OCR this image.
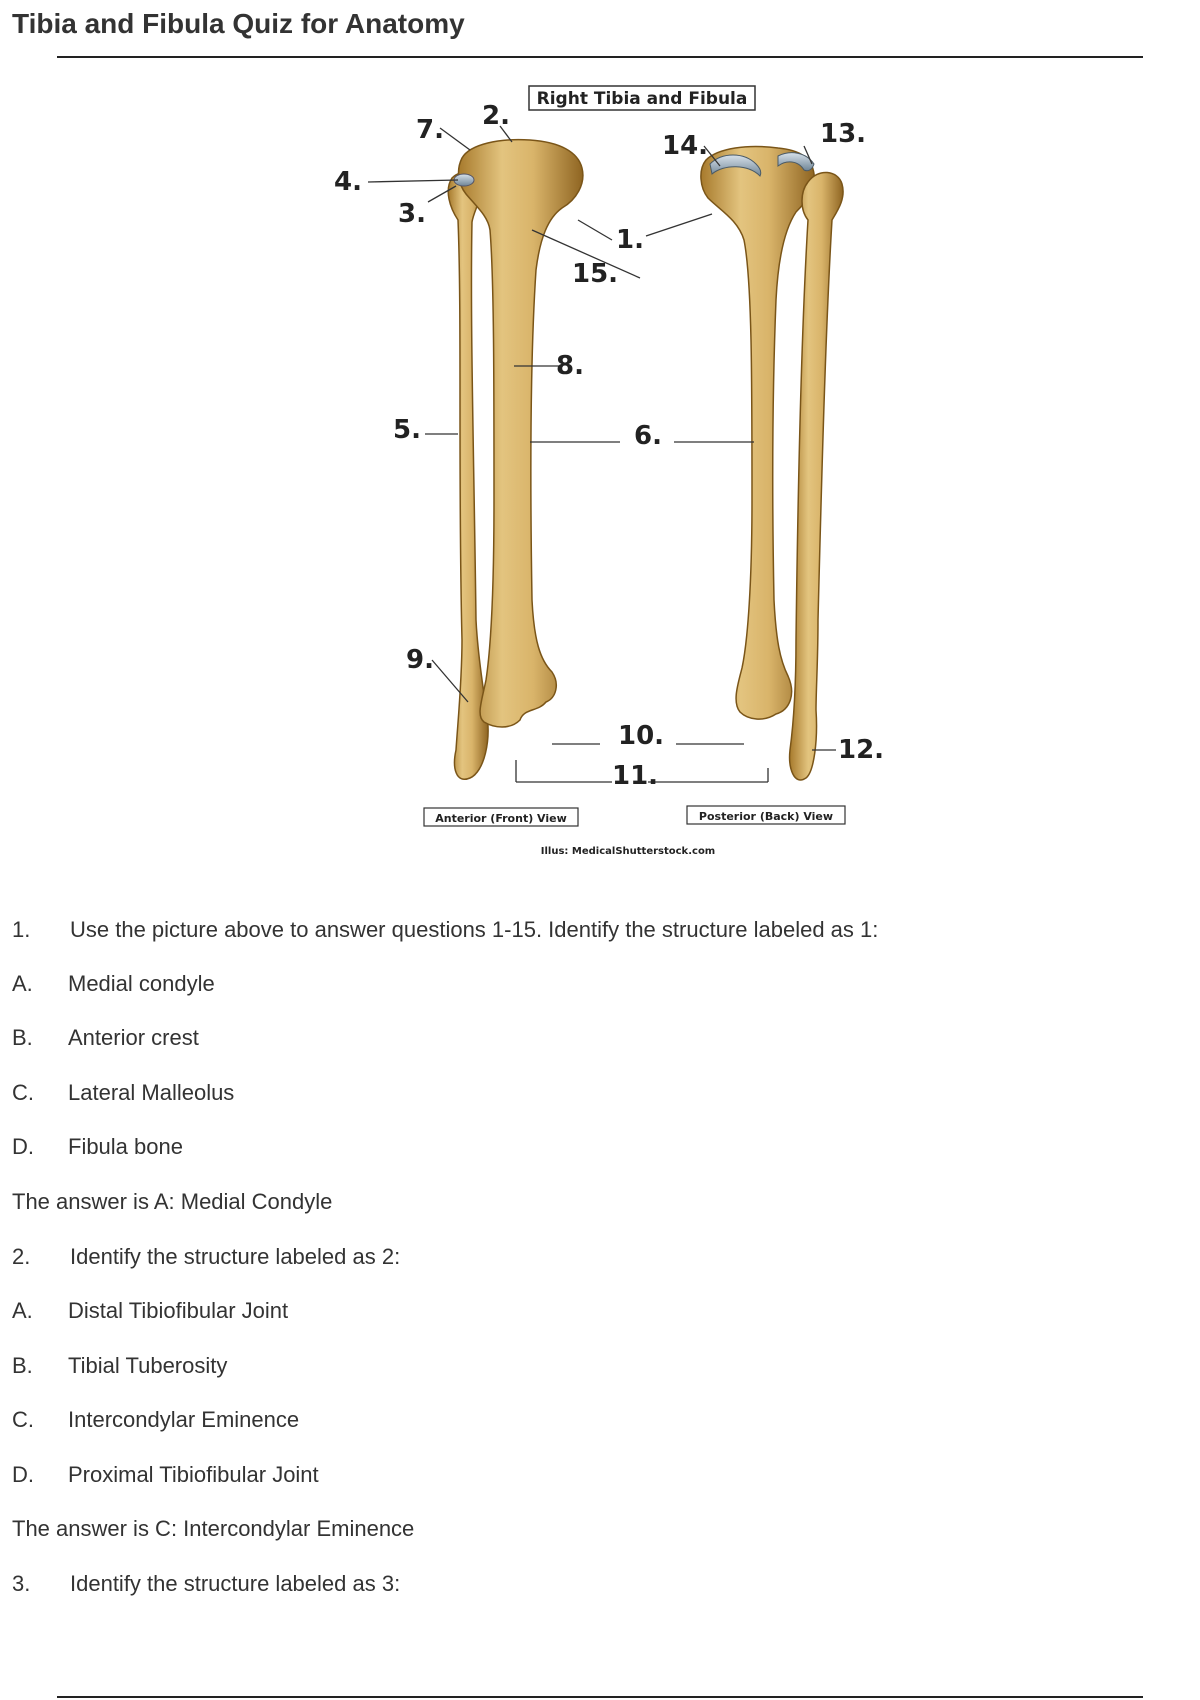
Tibia and Fibula Quiz for Anatomy
Right Tibia and Fibula
7. 2.
4.
3.
1.
15.
8.
5.	6.
14.	13.
9.
10.
11.
12.
Anterior (Front) View	Posterior (Back) View
Illus: MedicalShutterstock.com

1. Use the picture above to answer questions 1-15. Identify the structure labeled as 1:

A. Medial condyle

B. Anterior crest

C. Lateral Malleolus

D. Fibula bone

The answer is A: Medial Condyle

2. Identify the structure labeled as 2:

A. Distal Tibiofibular Joint

B. Tibial Tuberosity

C. Intercondylar Eminence

D. Proximal Tibiofibular Joint

The answer is C: Intercondylar Eminence

3. Identify the structure labeled as 3:
